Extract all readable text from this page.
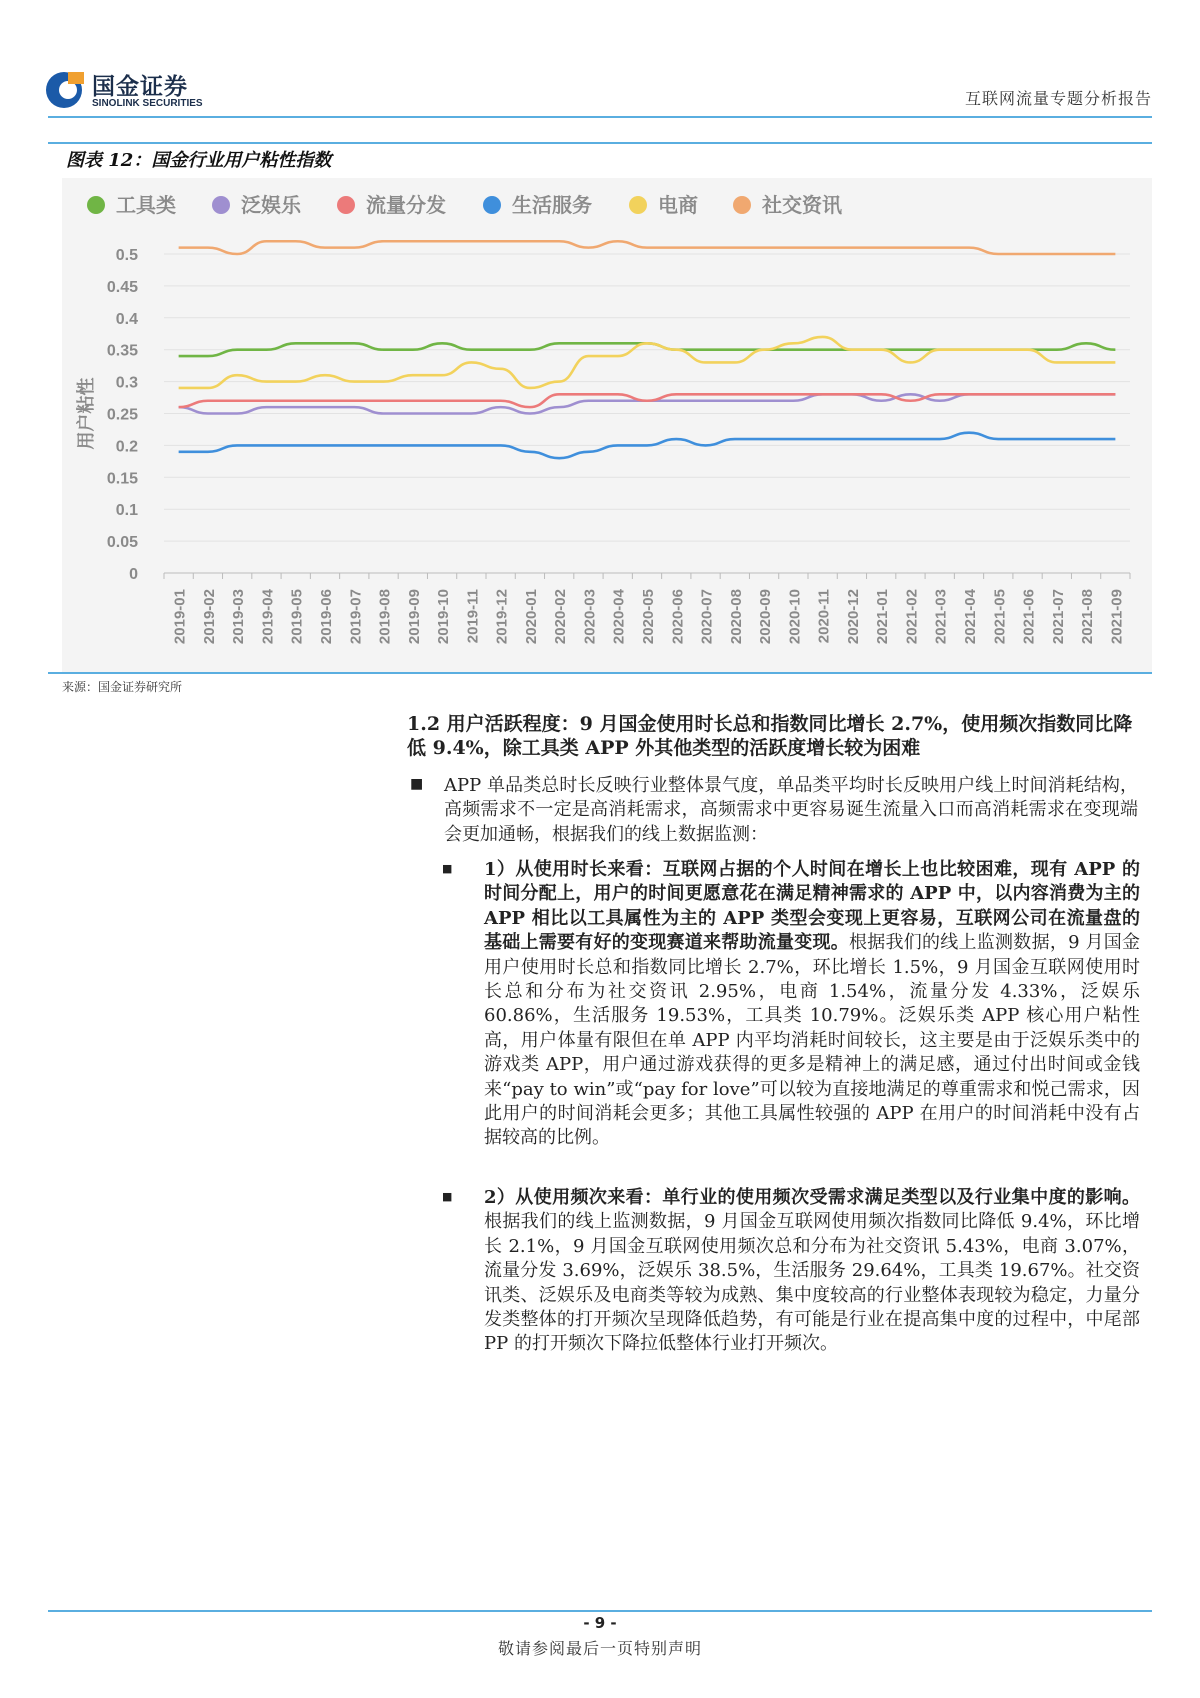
国金证券
SINOLINK SECURITIES	互联网流量专题分析报告
图表 12：国金行业用户粘性指数
0
0.05
0.1
0.15
0.2
0.25
0.3
0.35
0.4
0.45
0.5
2019-01 2019-02 2019-03 2019-04 2019-05 2019-06 2019-07 2019-08 2019-09 2019-10 2019-11 2019-12 2020-01 2020-02 2020-03 2020-04 2020-05 2020-06 2020-07 2020-08 2020-09 2020-10 2020-11 2020-12 2021-01 2021-02 2021-03 2021-04 2021-05 2021-06 2021-07 2021-08 2021-09
用户粘性
工具类	泛娱乐	流量分发	生活服务	电商	社交资讯
来源：国金证券研究所
1.2 用户活跃程度：9 月国金使用时长总和指数同比增长 2.7%，使用频次指数同比降低 9.4%，除工具类 APP 外其他类型的活跃度增长较为困难
■ APP 单品类总时长反映行业整体景气度，单品类平均时长反映用户线上时间消耗结构，高频需求不一定是高消耗需求，高频需求中更容易诞生流量入口而高消耗需求在变现端会更加通畅，根据我们的线上数据监测：
■ 1）从使用时长来看：互联网占据的个人时间在增长上也比较困难，现有 APP 的时间分配上，用户的时间更愿意花在满足精神需求的 APP 中，以内容消费为主的 APP 相比以工具属性为主的 APP 类型会变现上更容易，互联网公司在流量盘的基础上需要有好的变现赛道来帮助流量变现。根据我们的线上监测数据，9 月国金用户使用时长总和指数同比增长 2.7%，环比增长 1.5%，9 月国金互联网使用时长总和分布为社交资讯 2.95%，电商 1.54%，流量分发 4.33%，泛娱乐 60.86%，生活服务 19.53%，工具类 10.79%。泛娱乐类 APP 核心用户粘性高，用户体量有限但在单 APP 内平均消耗时间较长，这主要是由于泛娱乐类中的游戏类 APP，用户通过游戏获得的更多是精神上的满足感，通过付出时间或金钱来“pay to win”或“pay for love”可以较为直接地满足的尊重需求和悦己需求，因此用户的时间消耗会更多；其他工具属性较强的 APP 在用户的时间消耗中没有占据较高的比例。
■ 2）从使用频次来看：单行业的使用频次受需求满足类型以及行业集中度的影响。根据我们的线上监测数据，9 月国金互联网使用频次指数同比降低 9.4%，环比增长 2.1%，9 月国金互联网使用频次总和分布为社交资讯 5.43%，电商 3.07%，流量分发 3.69%，泛娱乐 38.5%，生活服务 29.64%，工具类 19.67%。社交资讯类、泛娱乐及电商类等较为成熟、集中度较高的行业整体表现较为稳定，力量分发类整体的打开频次呈现降低趋势，有可能是行业在提高集中度的过程中，中尾部 PP 的打开频次下降拉低整体行业打开频次。
- 9 -
敬请参阅最后一页特别声明
